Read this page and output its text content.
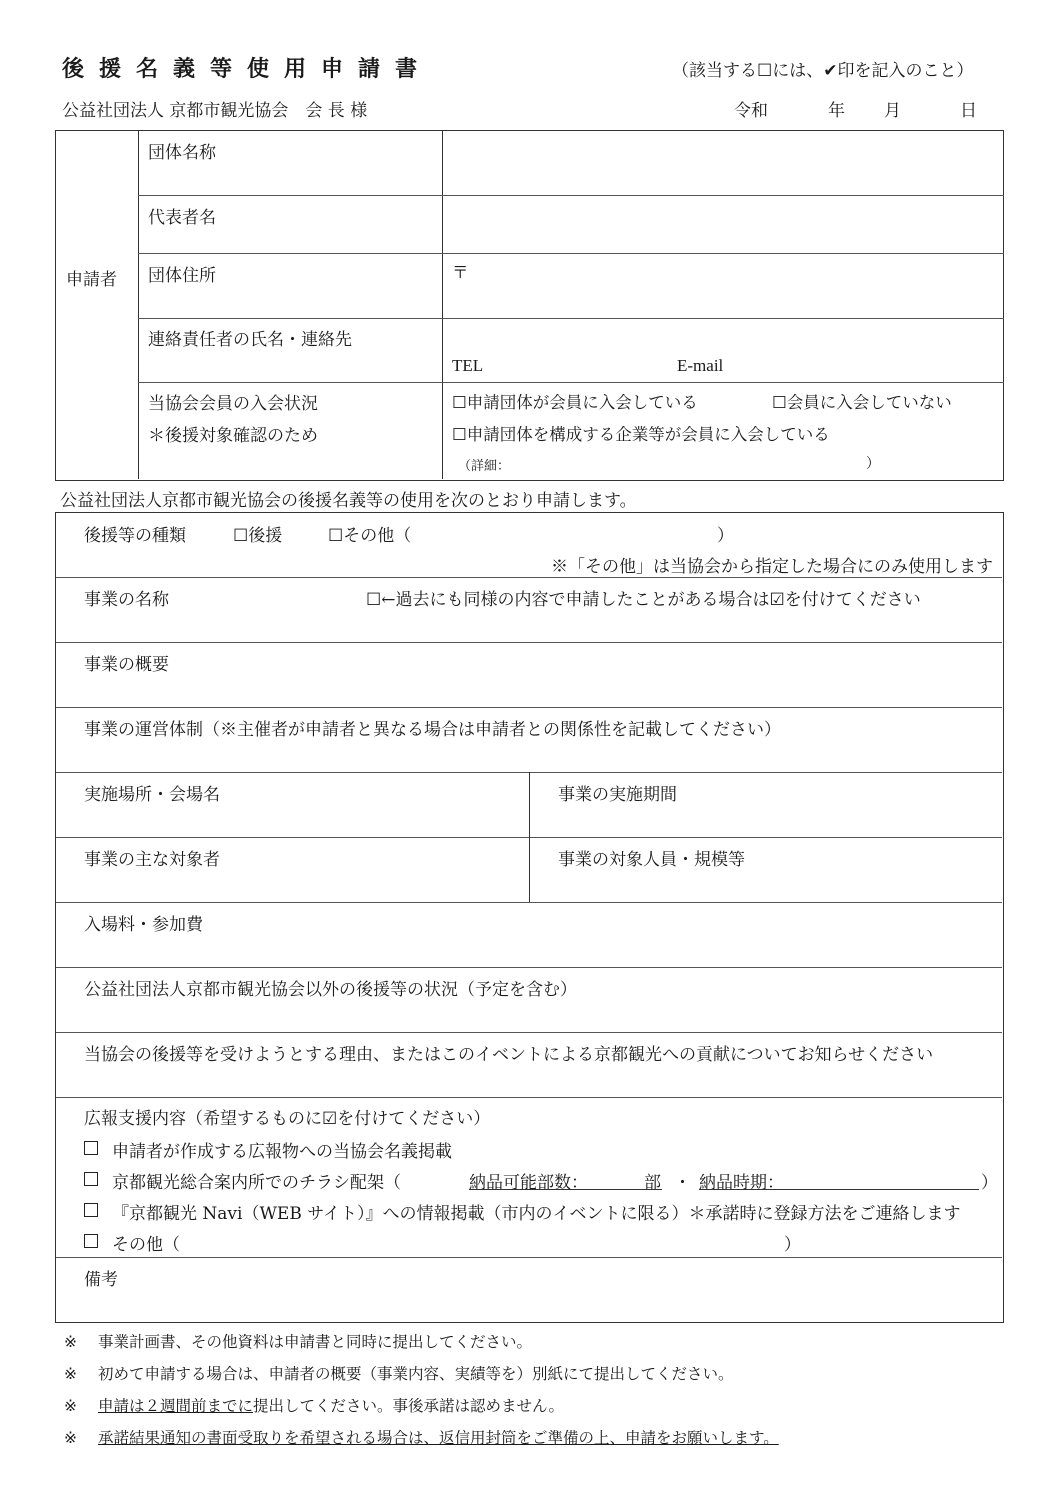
後援名義等使用申請書	（該当する☐には、✔印を記入のこと）
公益社団法人 京都市観光協会　会 長 様	令和	年 月	日
申請者
団体名称
代表者名
団体住所	〒
連絡責任者の氏名・連絡先
TEL	E-mail
当協会会員の入会状況
＊後援対象確認のため
☐申請団体が会員に入会している	☐会員に入会していない
☐申請団体を構成する企業等が会員に入会している
（詳細：	）
公益社団法人京都市観光協会の後援名義等の使用を次のとおり申請します。
後援等の種類	☐後援	☐その他（	）
※「その他」は当協会から指定した場合にのみ使用します
事業の名称	☐←過去にも同様の内容で申請したことがある場合は☑を付けてください
事業の概要
事業の運営体制（※主催者が申請者と異なる場合は申請者との関係性を記載してください）
実施場所・会場名	事業の実施期間
事業の主な対象者	事業の対象人員・規模等
入場料・参加費
公益社団法人京都市観光協会以外の後援等の状況（予定を含む）
当協会の後援等を受けようとする理由、またはこのイベントによる京都観光への貢献についてお知らせください
広報支援内容（希望するものに☑を付けてください）
申請者が作成する広報物への当協会名義掲載
京都観光総合案内所でのチラシ配架（	納品可能部数：	部 ・ 納品時期：	）
『京都観光 Navi（WEB サイト）』への情報掲載（市内のイベントに限る）＊承諾時に登録方法をご連絡します
その他（	）
備考
※ 事業計画書、その他資料は申請書と同時に提出してください。
※ 初めて申請する場合は、申請者の概要（事業内容、実績等を）別紙にて提出してください。
※ 申請は２週間前までに提出してください。事後承諾は認めません。
※ 承諾結果通知の書面受取りを希望される場合は、返信用封筒をご準備の上、申請をお願いします。
